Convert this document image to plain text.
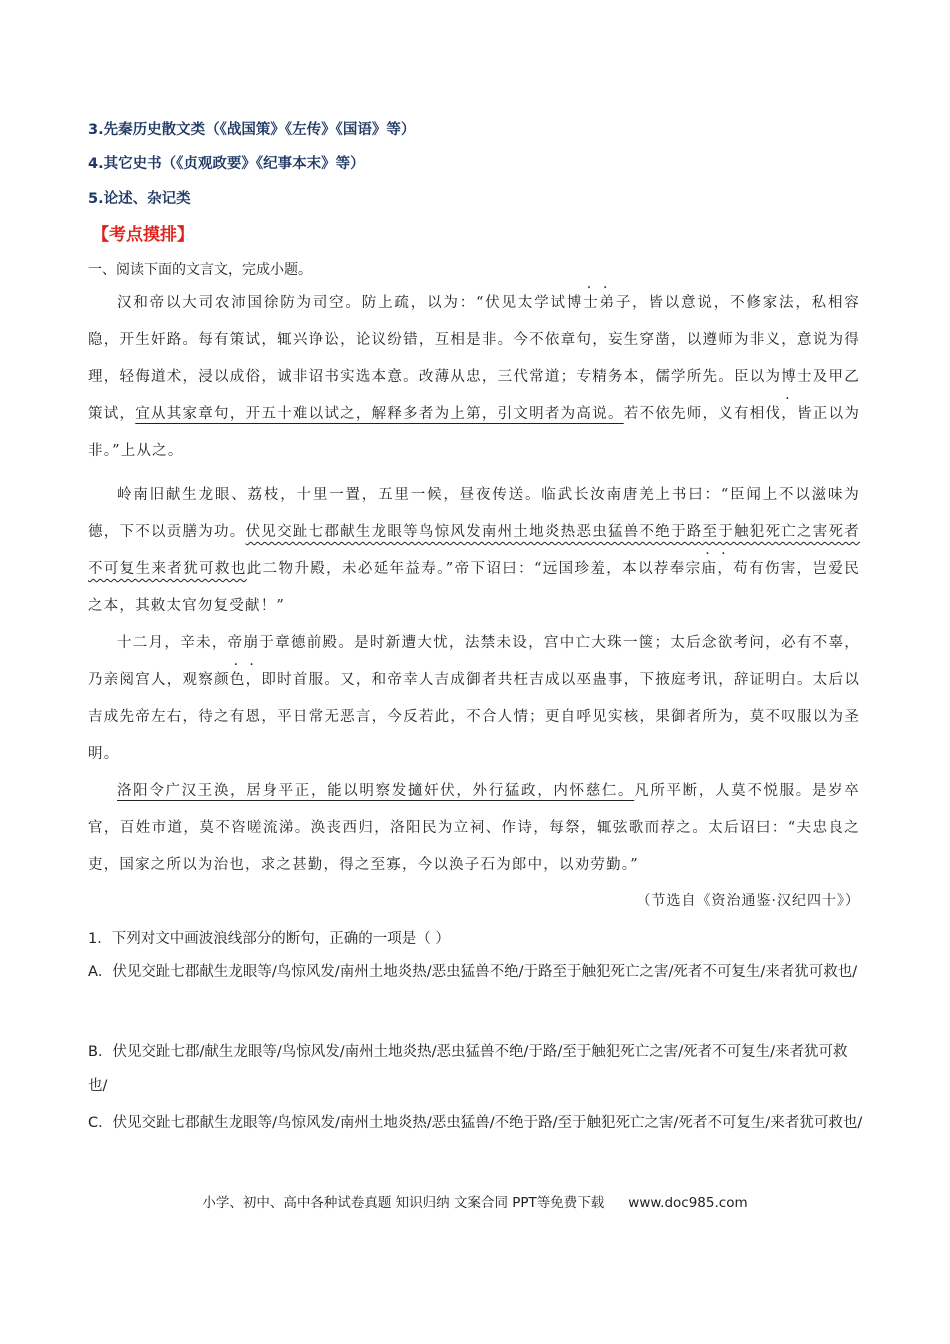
3.先秦历史散文类（《战国策》《左传》《国语》等）
4.其它史书（《贞观政要》《纪事本末》等）
5.论述、杂记类
【考点摸排】
一、阅读下面的文言文，完成小题。
汉和帝以大司农沛国徐防为司空。防上疏，以为：“伏见太学试博士弟子，皆以意说，不修家法，私相容隐，开生奸路。每有策试，辄兴诤讼，论议纷错，互相是非。今不依章句，妄生穿凿，以遵师为非义，意说为得理，轻侮道术，浸以成俗，诚非诏书实选本意。改薄从忠，三代常道；专精务本，儒学所先。臣以为博士及甲乙策试，宜从其家章句，开五十难以试之，解释多者为上第，引文明者为高说。若不依先师，义有相伐，皆正以为非。”上从之。
岭南旧献生龙眼、荔枝，十里一置，五里一候，昼夜传送。临武长汝南唐羌上书曰：“臣闻上不以滋味为德，下不以贡膳为功。伏见交趾七郡献生龙眼等鸟惊风发南州土地炎热恶虫猛兽不绝于路至于触犯死亡之害死者不可复生来者犹可救也此二物升殿，未必延年益寿。”帝下诏曰：“远国珍羞，本以荐奉宗庙，苟有伤害，岂爱民之本，其敕太官勿复受献！”
十二月，辛未，帝崩于章德前殿。是时新遭大忧，法禁未设，宫中亡大珠一箧；太后念欲考问，必有不辜，乃亲阅宫人，观察颜色，即时首服。又，和帝幸人吉成御者共枉吉成以巫蛊事，下掖庭考讯，辞证明白。太后以吉成先帝左右，待之有恩，平日常无恶言，今反若此，不合人情；更自呼见实核，果御者所为，莫不叹服以为圣明。
洛阳令广汉王涣，居身平正，能以明察发擿奸伏，外行猛政，内怀慈仁。凡所平断，人莫不悦服。是岁卒官，百姓市道，莫不咨嗟流涕。涣丧西归，洛阳民为立祠、作诗，每祭，辄弦歌而荐之。太后诏曰：“夫忠良之吏，国家之所以为治也，求之甚勤，得之至寡，今以涣子石为郎中，以劝劳勤。”
（节选自《资治通鉴·汉纪四十》）
1．下列对文中画波浪线部分的断句，正确的一项是（ ）
A．伏见交趾七郡献生龙眼等/鸟惊风发/南州土地炎热/恶虫猛兽不绝/于路至于触犯死亡之害/死者不可复生/来者犹可救也/
B．伏见交趾七郡/献生龙眼等/鸟惊风发/南州土地炎热/恶虫猛兽不绝/于路/至于触犯死亡之害/死者不可复生/来者犹可救也/
C．伏见交趾七郡献生龙眼等/鸟惊风发/南州土地炎热/恶虫猛兽/不绝于路/至于触犯死亡之害/死者不可复生/来者犹可救也/
小学、初中、高中各种试卷真题 知识归纳 文案合同 PPT等免费下载 www.doc985.com
